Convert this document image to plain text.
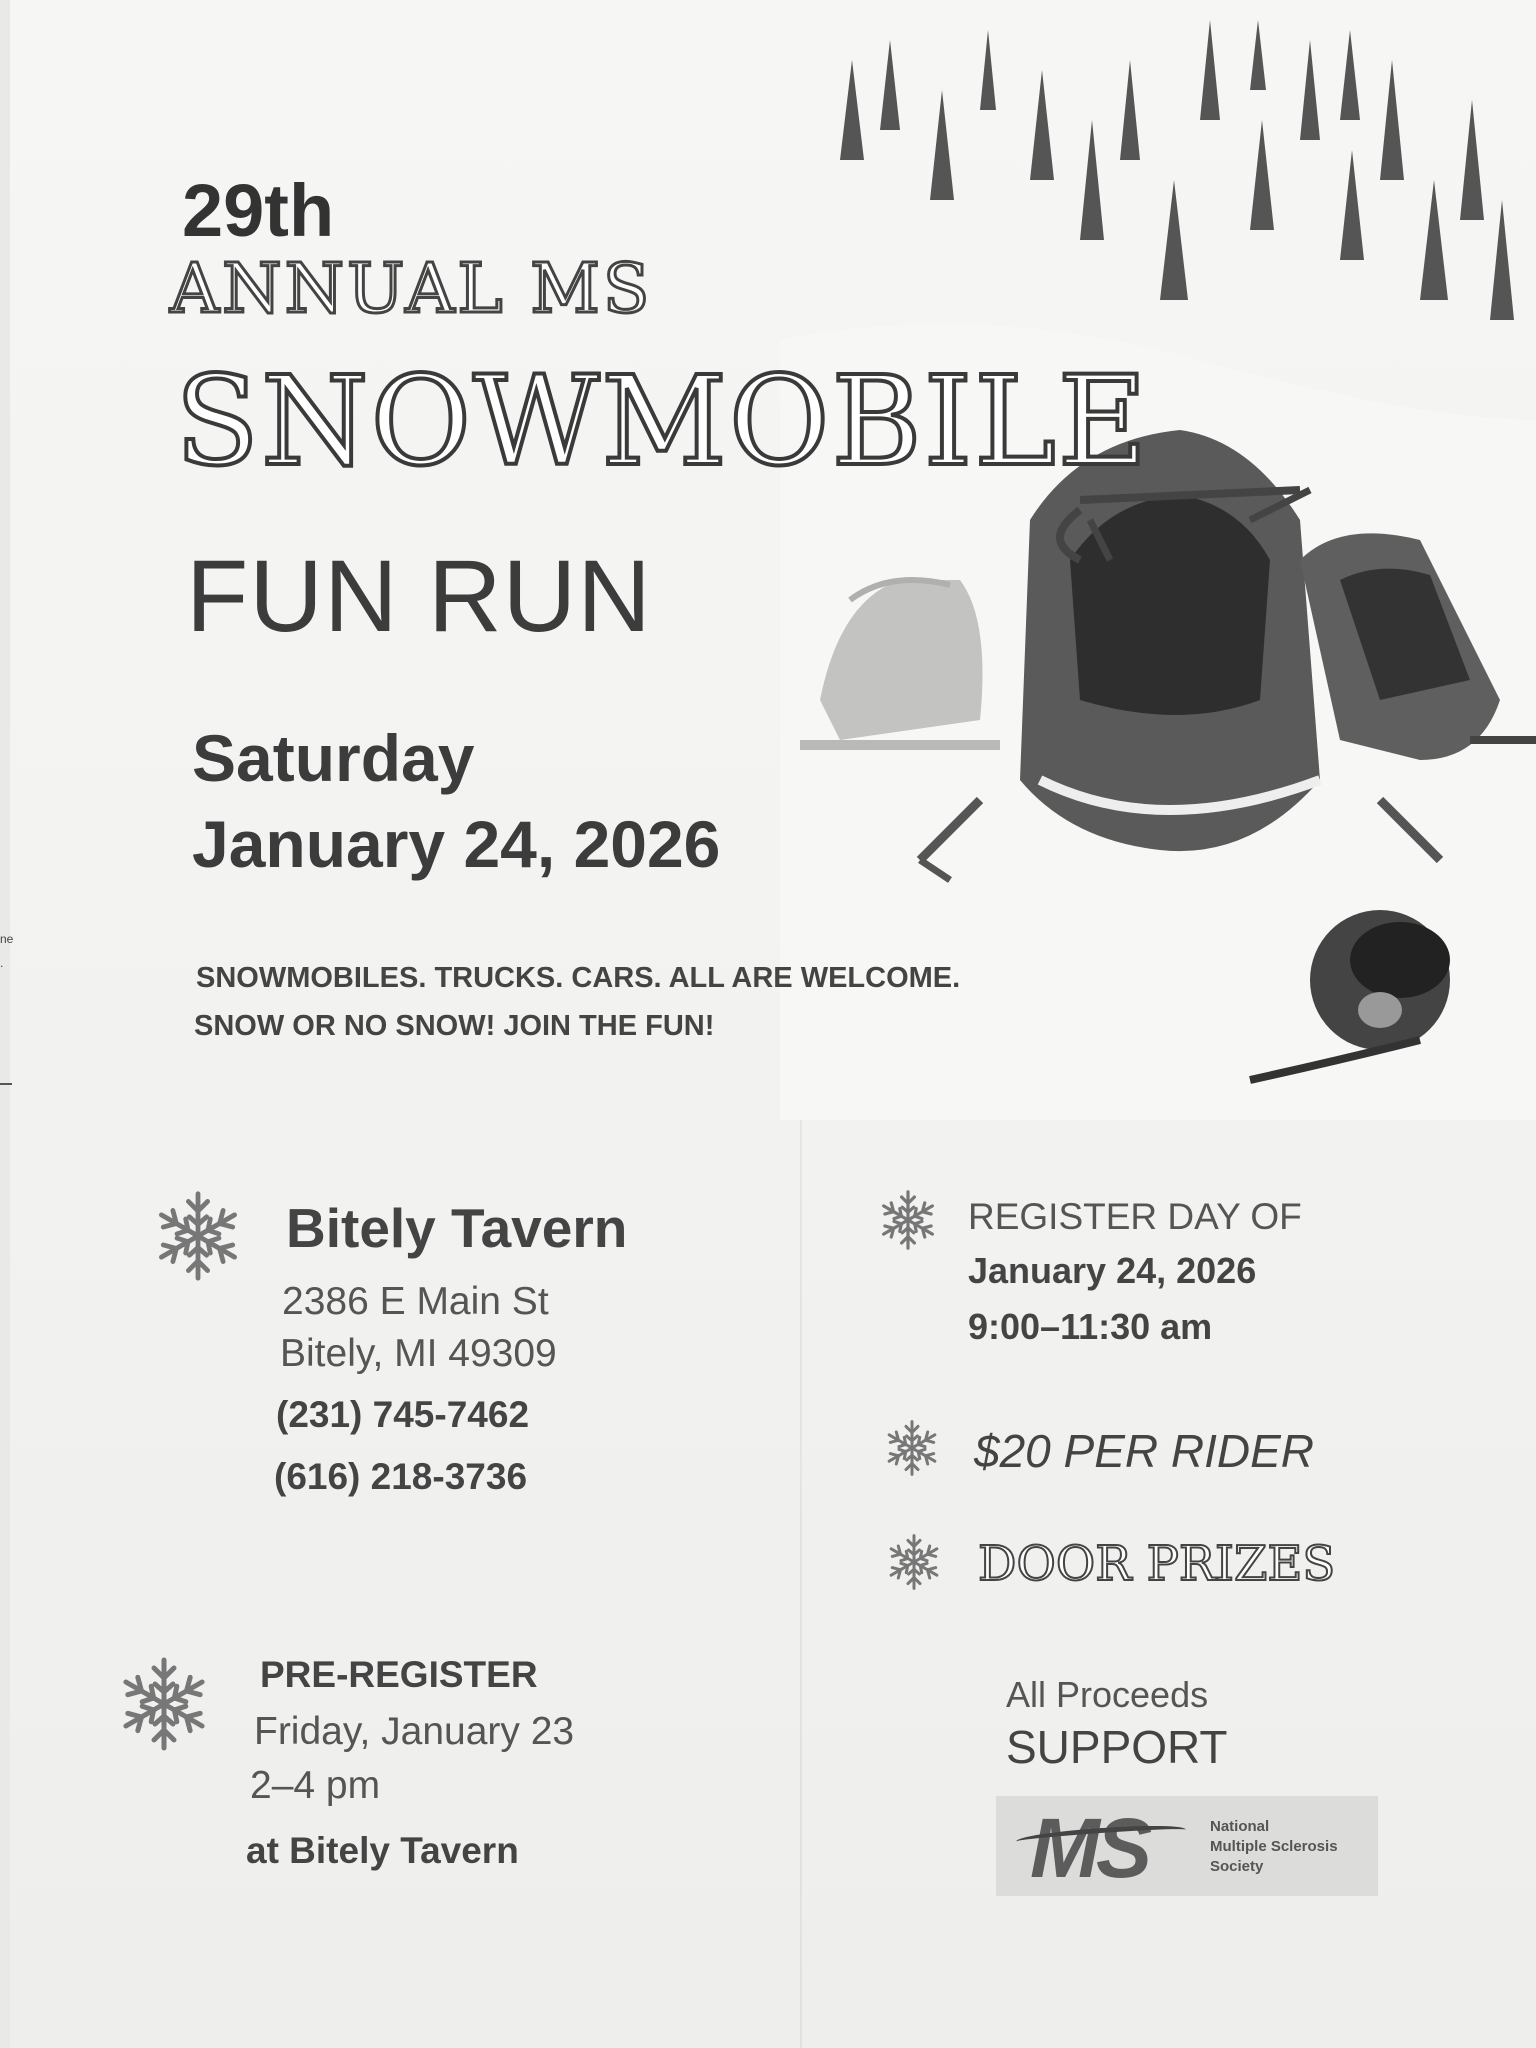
ne
.
29th
ANNUAL MS
SNOWMOBILE
FUN RUN
Saturday
January 24, 2026
SNOWMOBILES. TRUCKS. CARS. ALL ARE WELCOME.
SNOW OR NO SNOW! JOIN THE FUN!
Bitely Tavern
2386 E Main St
Bitely, MI 49309
(231) 745-7462
(616) 218-3736
REGISTER DAY OF
January 24, 2026
9:00–11:30 am
$20 PER RIDER
DOOR PRIZES
PRE-REGISTER
Friday, January 23
2–4 pm
at Bitely Tavern
All Proceeds
SUPPORT
MS	National
Multiple Sclerosis
Society
